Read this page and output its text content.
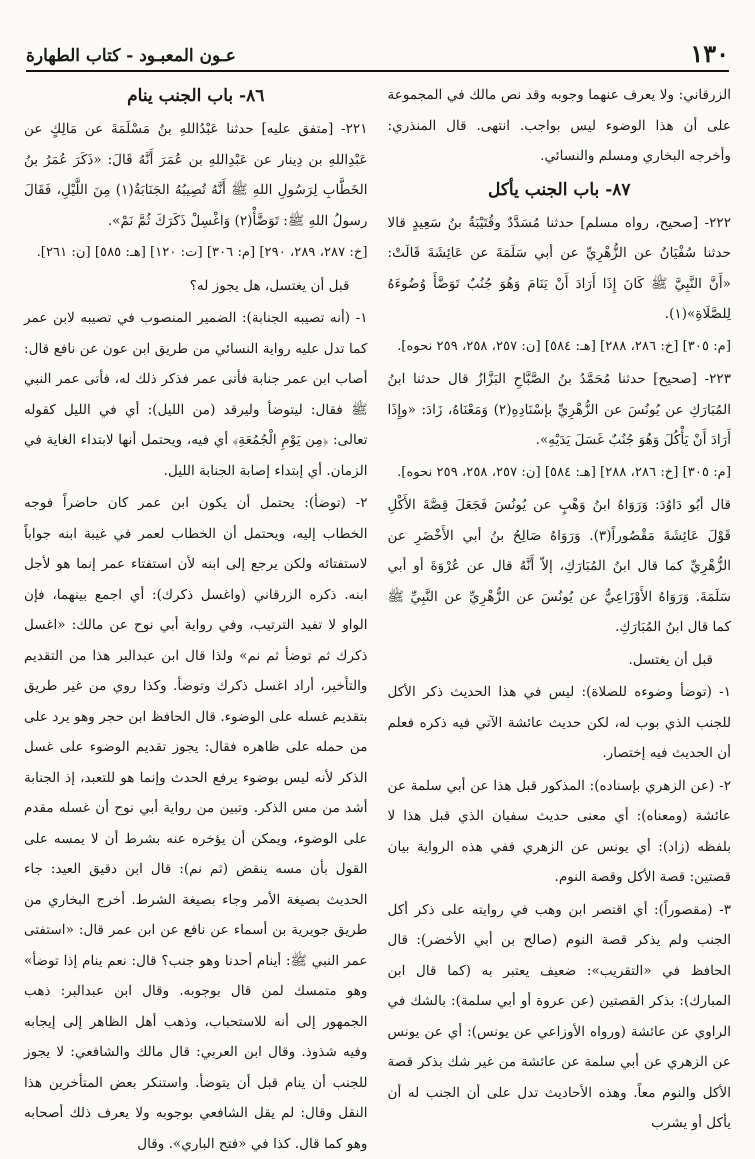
١٣٠
عـون المعبـود - كتاب الطهارة
٨٦- باب الجنب ينام

٢٢١- [متفق عليه] حدثنا عَبْدُاللهِ بنُ مَسْلَمَةَ عن مَالِكٍ عن عَبْدِاللهِ بن دِينار عن عَبْدِاللهِ بن عُمَرَ أَنَّهُ قَالَ: «ذَكَرَ عُمَرُ بنُ الخَطَّابِ لِرَسُولِ اللهِ ﷺ أَنَّهُ تُصِيبُهُ الجَنَابَةُ(١) مِنَ اللَّيْلِ، فَقَالَ رسولُ اللهِ ﷺ: تَوَضَّأْ(٢) وَاغْسِلْ ذَكَرَكَ ثُمَّ نَمْ».

[خ: ٢٨٧، ٢٨٩، ٢٩٠] [م: ٣٠٦] [ت: ١٢٠] [هـ: ٥٨٥] [ن: ٢٦١].

قبل أن يغتسل، هل يجوز له؟

١- (أنه تصيبه الجنابة): الضمير المنصوب في تصيبه لابن عمر كما تدل عليه رواية النسائي من طريق ابن عون عن نافع قال: أصاب ابن عمر جنابة فأتى عمر فذكر ذلك له، فأتى عمر النبي ﷺ فقال: ليتوضأ وليرقد (من الليل): أي في الليل كقوله تعالى: ﴿مِن يَوْمِ الْجُمُعَةِ﴾ أي فيه، ويحتمل أنها لابتداء الغاية في الزمان. أي إبتداء إصابة الجنابة الليل.

٢- (توضأ): يحتمل أن يكون ابن عمر كان حاضراً فوجه الخطاب إليه، ويحتمل أن الخطاب لعمر في غيبة ابنه جواباً لاستفتائه ولكن يرجع إلى ابنه لأن استفتاء عمر إنما هو لأجل ابنه. ذكره الزرقاني (واغسل ذكرك): أي اجمع بينهما، فإن الواو لا تفيد الترتيب، وفي رواية أبي نوح عن مالك: «اغسل ذكرك ثم توضأ ثم نم» ولذا قال ابن عبدالبر هذا من التقديم والتأخير، أراد اغسل ذكرك وتوضأ. وكذا روي من غير طريق بتقديم غسله على الوضوء. قال الحافظ ابن حجر وهو يرد على من حمله على ظاهره فقال: يجوز تقديم الوضوء على غسل الذكر لأنه ليس بوضوء يرفع الحدث وإنما هو للتعبد، إذ الجنابة أشد من مس الذكر. وتبين من رواية أبي نوح أن غسله مقدم على الوضوء، ويمكن أن يؤخره عنه بشرط أن لا يمسه على القول بأن مسه ينقض (ثم نم): قال ابن دقيق العيد: جاء الحديث بصيغة الأمر وجاء بصيغة الشرط. أخرج البخاري من طريق جويرية بن أسماء عن نافع عن ابن عمر قال: «استفتى عمر النبي ﷺ: أينام أحدنا وهو جنب؟ قال: نعم ينام إذا توضأ» وهو متمسك لمن قال بوجوبه. وقال ابن عبدالبر: ذهب الجمهور إلى أنه للاستحباب، وذهب أهل الظاهر إلى إيجابه وفيه شذوذ. وقال ابن العربي: قال مالك والشافعي: لا يجوز للجنب أن ينام قبل أن يتوضأ. واستنكر بعض المتأخرين هذا النقل وقال: لم يقل الشافعي بوجوبه ولا يعرف ذلك أصحابه وهو كما قال. كذا في «فتح الباري». وقال

الزرقاني: ولا يعرف عنهما وجوبه وقد نص مالك في المجموعة على أن هذا الوضوء ليس بواجب. انتهى. قال المنذري: وأخرجه البخاري ومسلم والنسائي.

٨٧- باب الجنب يأكل

٢٢٢- [صحيح، رواه مسلم] حدثنا مُسَدَّدٌ وقُتَيْبَةُ بنُ سَعِيدٍ قالا حدثنا سُفْيَانُ عن الزُّهْرِيِّ عن أبي سَلَمَةَ عن عَائِشَةَ قَالَتْ: «أَنَّ النَّبِيَّ ﷺ كَانَ إِذَا أَرَادَ أَنْ يَنَامَ وَهُوَ جُنُبٌ تَوَضَّأَ وُضُوءَهُ لِلصَّلَاةِ»(١).

[م: ٣٠٥] [خ: ٢٨٦، ٢٨٨] [هـ: ٥٨٤] [ن: ٢٥٧، ٢٥٨، ٢٥٩ نحوه].

٢٢٣- [صحيح] حدثنا مُحَمَّدُ بنُ الصَّبَّاحِ البَزَّازُ قال حدثنا ابنُ المُبَارَكِ عن يُونُسَ عن الزُّهْرِيِّ بإسْنَادِهِ(٢) وَمَعْنَاهُ، زَادَ: «وإِذَا أَرَادَ أَنْ يَأْكُلَ وَهُوَ جُنُبٌ غَسَلَ يَدَيْهِ».

[م: ٣٠٥] [خ: ٢٨٦، ٢٨٨] [هـ: ٥٨٤] [ن: ٢٥٧، ٢٥٨، ٢٥٩ نحوه].

قال أبُو دَاوُدَ: وَرَوَاهُ ابنُ وَهْبٍ عن يُونُسَ فَجَعَلَ قِصَّةَ الأَكْلِ قَوْلَ عَائِشَةَ مَقْصُوراً(٣). وَرَوَاهُ صَالِحُ بنُ أبي الأَخْضَرِ عن الزُّهْرِيِّ كما قال ابنُ المُبَارَكِ، إلاّ أَنَّهُ قال عن عُرْوَةَ أو أبي سَلَمَةَ. وَرَوَاهُ الأَوْزَاعِيُّ عن يُونُسَ عن الزُّهْرِيِّ عن النَّبِيِّ ﷺ كما قال ابنُ المُبَارَكِ.

قبل أن يغتسل.

١- (توضأ وضوءه للصلاة): ليس في هذا الحديث ذكر الأكل للجنب الذي بوب له، لكن حديث عائشة الآتي فيه ذكره فعلم أن الحديث فيه إختصار.

٢- (عن الزهري بإسناده): المذكور قبل هذا عن أبي سلمة عن عائشة (ومعناه): أي معنى حديث سفيان الذي قبل هذا لا بلفظه (زاد): أي يونس عن الزهري ففي هذه الرواية بيان قصتين: قصة الأكل وقصة النوم.

٣- (مقصوراً): أي اقتصر ابن وهب في روايته على ذكر أكل الجنب ولم يذكر قصة النوم (صالح بن أبي الأخضر): قال الحافظ في «التقريب»: ضعيف يعتبر به (كما قال ابن المبارك): بذكر القصتين (عن عروة أو أبي سلمة): بالشك في الراوي عن عائشة (ورواه الأوزاعي عن يونس): أي عن يونس عن الزهري عن أبي سلمة عن عائشة من غير شك بذكر قصة الأكل والنوم معاً. وهذه الأحاديث تدل على أن الجنب له أن يأكل أو يشرب
